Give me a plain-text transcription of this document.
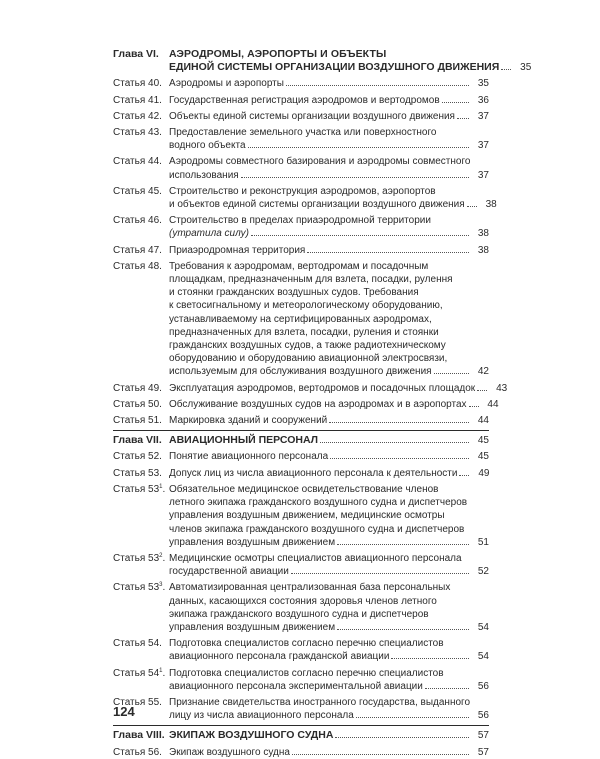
Глава VI. АЭРОДРОМЫ, АЭРОПОРТЫ И ОБЪЕКТЫ
ЕДИНОЙ СИСТЕМЫ ОРГАНИЗАЦИИ ВОЗДУШНОГО ДВИЖЕНИЯ	35
Статья 40. Аэродромы и аэропорты	35
Статья 41. Государственная регистрация аэродромов и вертодромов	36
Статья 42. Объекты единой системы организации воздушного движения	37
Статья 43. Предоставление земельного участка или поверхностного
водного объекта	37
Статья 44. Аэродромы совместного базирования и аэродромы совместного
использования	37
Статья 45. Строительство и реконструкция аэродромов, аэропортов
и объектов единой системы организации воздушного движения	38
Статья 46. Строительство в пределах приаэродромной территории
(утратила силу)	38
Статья 47. Приаэродромная территория	38
Статья 48. Требования к аэродромам, вертодромам и посадочным
площадкам, предназначенным для взлета, посадки, рулення
и стоянки гражданских воздушных судов. Требования
к светосигнальному и метеорологическому оборудованию,
устанавливаемому на сертифицированных аэродромах,
предназначенных для взлета, посадки, руления и стоянки
гражданских воздушных судов, а также радиотехническому
оборудованию и оборудованию авиационной электросвязи,
используемым для обслуживания воздушного движения	42
Статья 49. Эксплуатация аэродромов, вертодромов и посадочных площадок	43
Статья 50. Обслуживание воздушных судов на аэродромах и в аэропортах	44
Статья 51. Маркировка зданий и сооружений	44
Глава VII. АВИАЦИОННЫЙ ПЕРСОНАЛ	45
Статья 52. Понятие авиационного персонала	45
Статья 53. Допуск лиц из числа авиационного персонала к деятельности	49
Статья $53^1$. Обязательное медицинское освидетельствование членов
летного экипажа гражданского воздушного судна и диспетчеров
управления воздушным движением, медицинские осмотры
членов экипажа гражданского воздушного судна и диспетчеров
управления воздушным движением	51
Статья $53^2$. Медицинские осмотры специалистов авиационного персонала
государственной авиации	52
Статья $53^3$. Автоматизированная централизованная база персональных
данных, касающихся состояния здоровья членов летного
экипажа гражданского воздушного судна и диспетчеров
управления воздушным движением	54
Статья 54. Подготовка специалистов согласно перечню специалистов
авиационного персонала гражданской авиации	54
Статья $54^1$. Подготовка специалистов согласно перечню специалистов
авиационного персонала экспериментальной авиации	56
Статья 55. Признание свидетельства иностранного государства, выданного
лицу из числа авиационного персонала	56
Глава VIII. ЭКИПАЖ ВОЗДУШНОГО СУДНА	57
Статья 56. Экипаж воздушного судна	57
124
